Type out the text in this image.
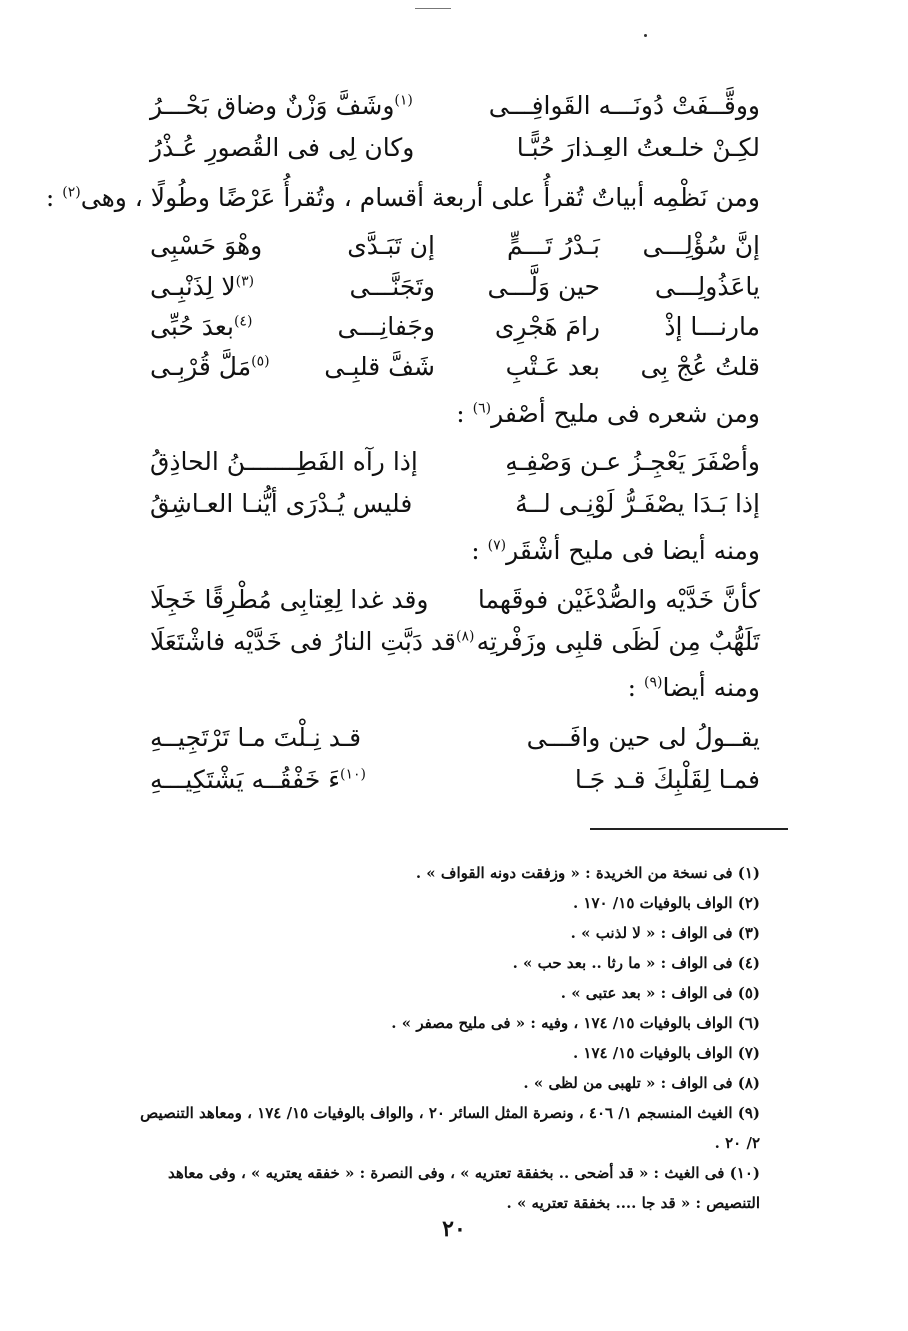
ووقَّــفَتْ دُونَـــه القَوافِـــى
$^{(١)}$وشَفَّ وَزْنٌ وضاق بَحْـــرُ
لكِـنْ خلـعتُ العِـذارَ حُبًّـا
وكان لِى فى القُصورِ عُـذْرُ
ومن نَظْمِه أبياتٌ تُقرأُ على أربعة أقسام ، وتُقرأُ عَرْضًا وطُولًا ، وهى$^{(٢)}$ :
إنَّ سُؤْلِـــى
بَـدْرُ تَـــمٍّ
إن تَبَـدَّى
وهْوَ حَسْبِى
ياعَذُولِـــى
حين وَلَّـــى
وتَجَنَّـــى
$^{(٣)}$لا لِذَنْبِـى
مارنـــا إذْ
رامَ هَجْرِى
وجَفانِـــى
$^{(٤)}$بعدَ حُبِّى
قلتُ عُجْ بِى
بعد عَـتْبِ
شَفَّ قلبِـى
$^{(٥)}$مَلَّ قُرْبِـى
ومن شعره فى مليح أصْفر$^{(٦)}$ :
وأصْفَرَ يَعْجِـزُ عـن وَصْفِـهِ
إذا رآه الفَطِـــــــنُ الحاذِقُ
إذا بَـدَا يصْفَـرُّ لَوْنِـى لــهُ
فليس يُـدْرَى أيُّنـا العـاشِقُ
ومنه أيضا فى مليح أشْقَر$^{(٧)}$ :
كأنَّ خَدَّيْه والصُّدْغَيْن فوقَهما
وقد غدا لِعِتابِى مُطْرِقًا خَجِلَا
تَلَهُّبٌ مِن لَظَى قلبِى وزَفْرتِه
$^{(٨)}$قد دَبَّتِ النارُ فى خَدَّيْه فاشْتَعَلَا
ومنه أيضا$^{(٩)}$ :
يقــولُ لى حين وافَـــى
قـد نِـلْتَ مـا تَرْتَجِيــهِ
فمـا لِقَلْبِكَ قـد جَـا
$^{(١٠)}$ءَ خَفْقُــه يَشْتَكِيـــهِ
(١) فى نسخة من الخريدة : « وزفقت دونه القواف » .
(٢) الواف بالوفيات ١٥/ ١٧٠ .
(٣) فى الواف : « لا لذنب » .
(٤) فى الواف : « ما رثا .. بعد حب » .
(٥) فى الواف : « بعد عتبى » .
(٦) الواف بالوفيات ١٥/ ١٧٤ ، وفيه : « فى مليح مصفر » .
(٧) الواف بالوفيات ١٥/ ١٧٤ .
(٨) فى الواف : « تلهبى من لظى » .
(٩) الغيث المنسجم ١/ ٤٠٦ ، ونصرة المثل السائر ٢٠ ، والواف بالوفيات ١٥/ ١٧٤ ، ومعاهد التنصيص ٢/ ٢٠ .
(١٠) فى الغيث : « قد أضحى .. بخفقة تعتريه » ، وفى النصرة : « خفقه يعتريه » ، وفى معاهد التنصيص : « قد جا .... بخفقة تعتريه » .
٢٠
